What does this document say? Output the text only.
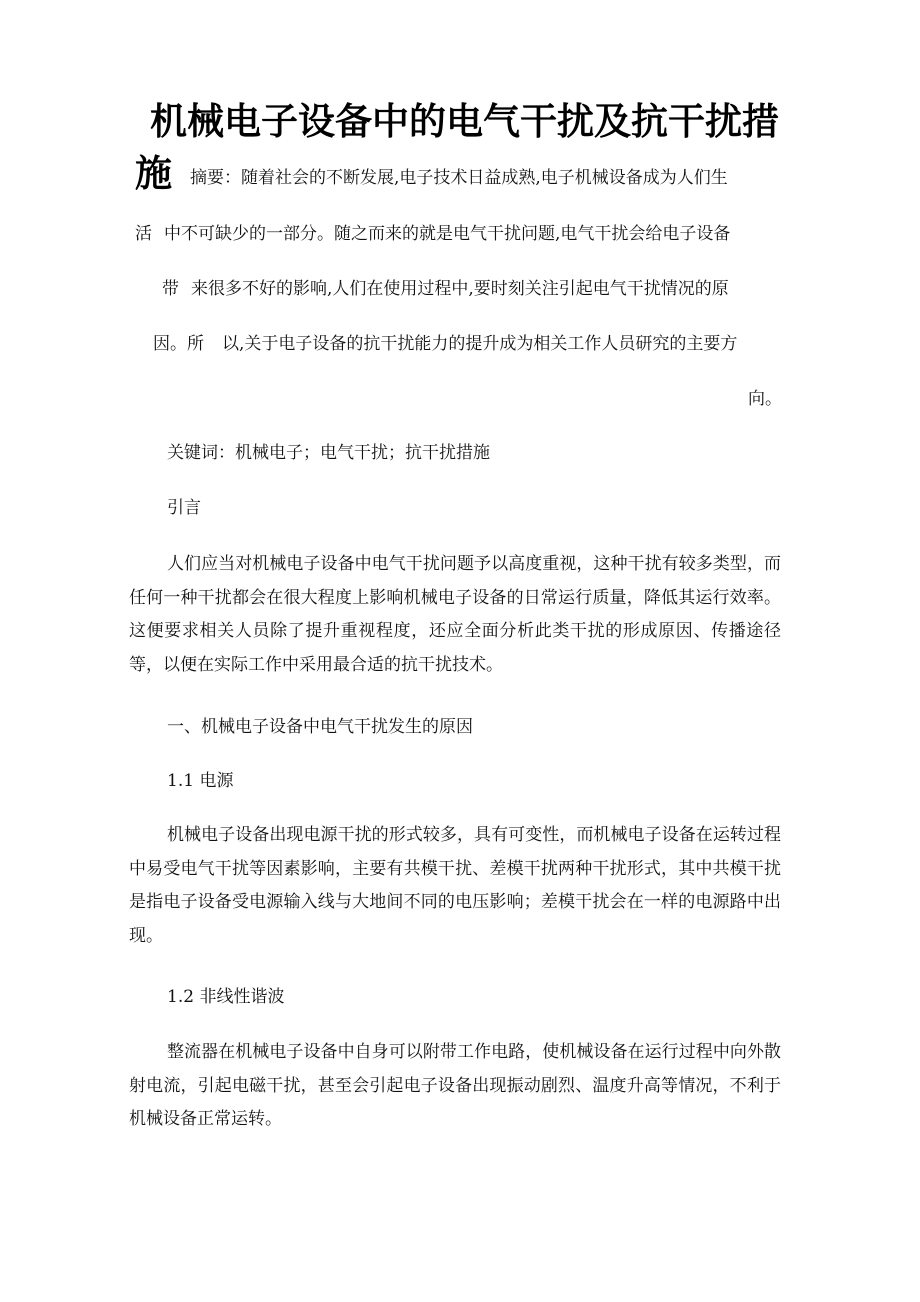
机械电子设备中的电气干扰及抗干扰措
施 摘要：随着社会的不断发展,电子技术日益成熟,电子机械设备成为人们生
活 中不可缺少的一部分。随之而来的就是电气干扰问题,电气干扰会给电子设备
带 来很多不好的影响,人们在使用过程中,要时刻关注引起电气干扰情况的原
因。所 以,关于电子设备的抗干扰能力的提升成为相关工作人员研究的主要方
向。
关键词：机械电子；电气干扰；抗干扰措施
引言

人们应当对机械电子设备中电气干扰问题予以高度重视，这种干扰有较多类型，而任何一种干扰都会在很大程度上影响机械电子设备的日常运行质量，降低其运行效率。这便要求相关人员除了提升重视程度，还应全面分析此类干扰的形成原因、传播途径等，以便在实际工作中采用最合适的抗干扰技术。

一、机械电子设备中电气干扰发生的原因
1.1 电源

机械电子设备出现电源干扰的形式较多，具有可变性，而机械电子设备在运转过程中易受电气干扰等因素影响，主要有共模干扰、差模干扰两种干扰形式，其中共模干扰是指电子设备受电源输入线与大地间不同的电压影响；差模干扰会在一样的电源路中出现。

1.2 非线性谐波

整流器在机械电子设备中自身可以附带工作电路，使机械设备在运行过程中向外散射电流，引起电磁干扰，甚至会引起电子设备出现振动剧烈、温度升高等情况，不利于机械设备正常运转。
